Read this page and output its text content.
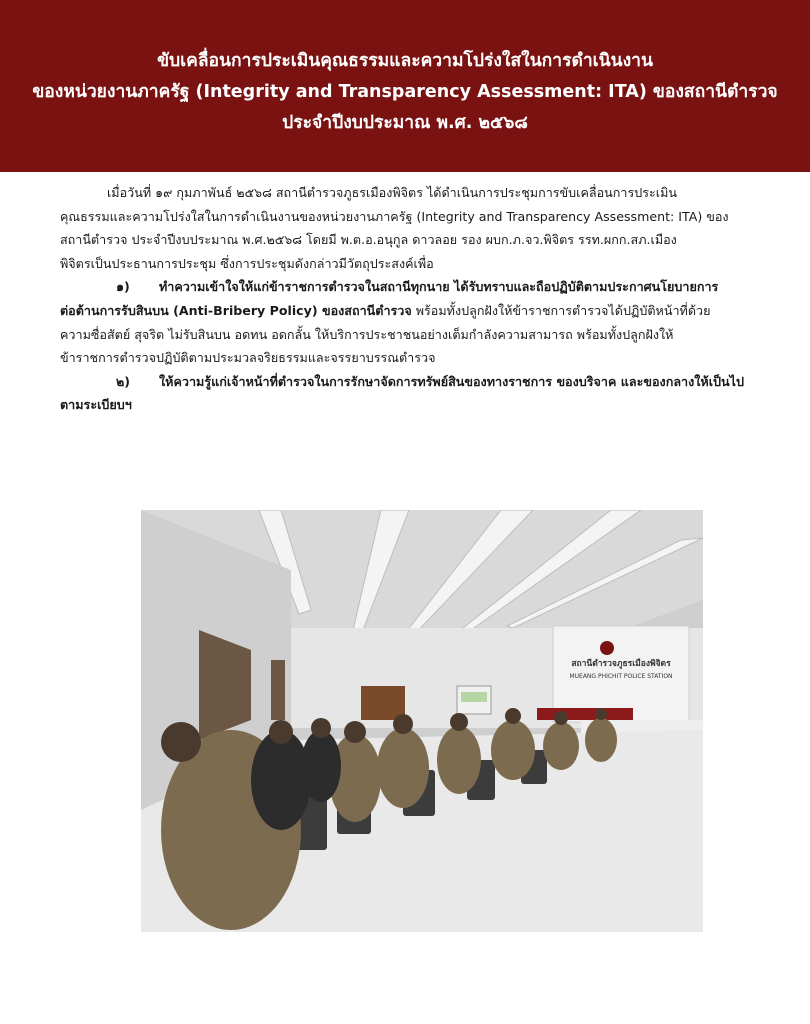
ขับเคลื่อนการประเมินคุณธรรมและความโปร่งใสในการดำเนินงาน
ของหน่วยงานภาครัฐ (Integrity and Transparency Assessment: ITA) ของสถานีตำรวจ
ประจำปีงบประมาณ พ.ศ. ๒๕๖๘
เมื่อวันที่ ๑๙ กุมภาพันธ์ ๒๕๖๘ สถานีตำรวจภูธรเมืองพิจิตร ได้ดำเนินการประชุมการขับเคลื่อนการประเมิน
คุณธรรมและความโปร่งใสในการดำเนินงานของหน่วยงานภาครัฐ (Integrity and Transparency Assessment: ITA) ของ
สถานีตำรวจ ประจำปีงบประมาณ พ.ศ.๒๕๖๘ โดยมี พ.ต.อ.อนุกูล ดาวลอย รอง ผบก.ภ.จว.พิจิตร รรท.ผกก.สภ.เมือง
พิจิตรเป็นประธานการประชุม ซึ่งการประชุมดังกล่าวมีวัตถุประสงค์เพื่อ
๑) ทำความเข้าใจให้แก่ข้าราชการตำรวจในสถานีทุกนาย ได้รับทราบและถือปฏิบัติตามประกาศนโยบายการ
ต่อต้านการรับสินบน (Anti-Bribery Policy) ของสถานีตำรวจ พร้อมทั้งปลูกฝังให้ข้าราชการตำรวจได้ปฏิบัติหน้าที่ด้วย
ความซื่อสัตย์ สุจริต ไม่รับสินบน อดทน อดกลั้น ให้บริการประชาชนอย่างเต็มกำลังความสามารถ พร้อมทั้งปลูกฝังให้
ข้าราชการตำรวจปฏิบัติตามประมวลจริยธรรมและจรรยาบรรณตำรวจ
๒) ให้ความรู้แก่เจ้าหน้าที่ตำรวจในการรักษาจัดการทรัพย์สินของทางราชการ ของบริจาค และของกลางให้เป็นไป
ตามระเบียบฯ
สถานีตำรวจภูธรเมืองพิจิตร
MUEANG PHICHIT POLICE STATION
